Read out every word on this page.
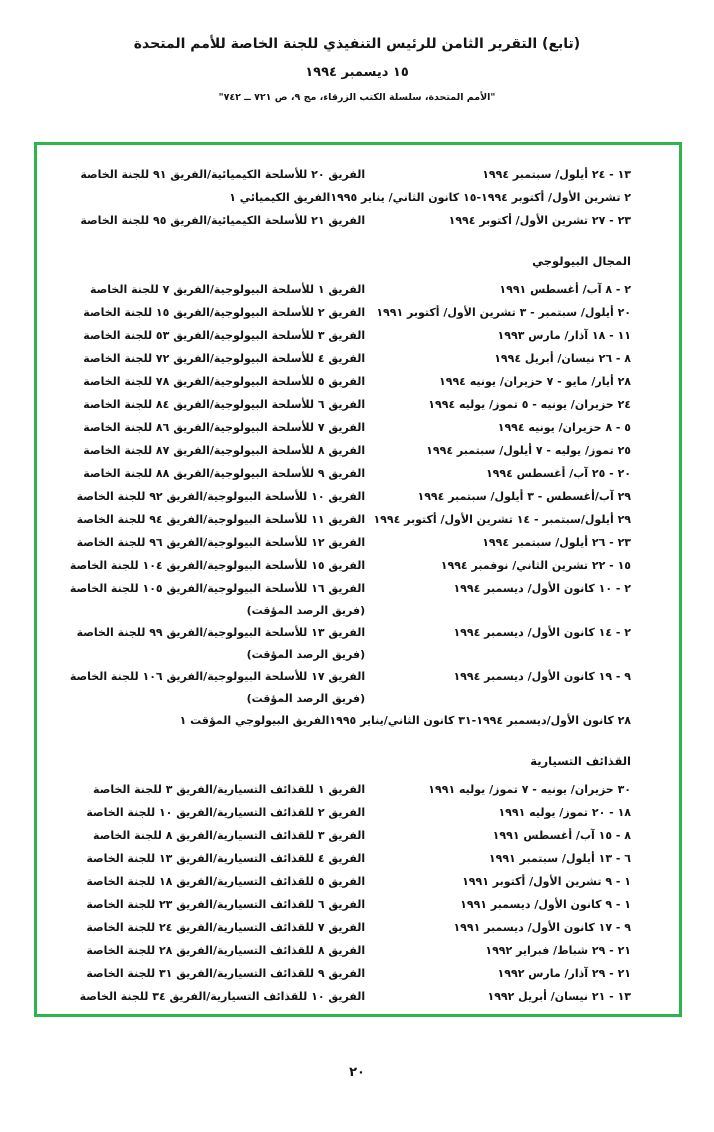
(تابع) التقرير الثامن للرئيس التنفيذي للجنة الخاصة للأمم المتحدة
١٥ ديسمبر ١٩٩٤
"الأمم المتحدة، سلسلة الكتب الزرقاء، مج ٩، ص ٧٢١ ــ ٧٤٢"
١٣ - ٢٤ أيلول/ سبتمبر ١٩٩٤
الفريق ٢٠ للأسلحة الكيميائية/الفريق ٩١ للجنة الخاصة
٢ تشرين الأول/ أكتوبر ١٩٩٤-١٥ كانون الثاني/ يناير ١٩٩٥
الفريق الكيميائي ١
٢٣ - ٢٧ تشرين الأول/ أكتوبر ١٩٩٤
الفريق ٢١ للأسلحة الكيميائية/الفريق ٩٥ للجنة الخاصة
المجال البيولوجي
٢ - ٨ آب/ أغسطس ١٩٩١
الفريق ١ للأسلحة البيولوجية/الفريق ٧ للجنة الخاصة
٢٠ أيلول/ سبتمبر - ٣ تشرين الأول/ أكتوبر ١٩٩١
الفريق ٢ للأسلحة البيولوجية/الفريق ١٥ للجنة الخاصة
١١ - ١٨ آذار/ مارس ١٩٩٣
الفريق ٣ للأسلحة البيولوجية/الفريق ٥٣ للجنة الخاصة
٨ - ٢٦ نيسان/ أبريل ١٩٩٤
الفريق ٤ للأسلحة البيولوجية/الفريق ٧٢ للجنة الخاصة
٢٨ أيار/ مايو - ٧ حزيران/ يونيه ١٩٩٤
الفريق ٥ للأسلحة البيولوجية/الفريق ٧٨ للجنة الخاصة
٢٤ حزيران/ يونيه - ٥ تموز/ يوليه ١٩٩٤
الفريق ٦ للأسلحة البيولوجية/الفريق ٨٤ للجنة الخاصة
٥ - ٨ حزيران/ يونيه ١٩٩٤
الفريق ٧ للأسلحة البيولوجية/الفريق ٨٦ للجنة الخاصة
٢٥ تموز/ يوليه - ٧ أيلول/ سبتمبر ١٩٩٤
الفريق ٨ للأسلحة البيولوجية/الفريق ٨٧ للجنة الخاصة
٢٠ - ٢٥ آب/ أغسطس ١٩٩٤
الفريق ٩ للأسلحة البيولوجية/الفريق ٨٨ للجنة الخاصة
٢٩ آب/أغسطس - ٣ أيلول/ سبتمبر ١٩٩٤
الفريق ١٠ للأسلحة البيولوجية/الفريق ٩٢ للجنة الخاصة
٢٩ أيلول/سبتمبر - ١٤ تشرين الأول/ أكتوبر ١٩٩٤
الفريق ١١ للأسلحة البيولوجية/الفريق ٩٤ للجنة الخاصة
٢٣ - ٢٦ أيلول/ سبتمبر ١٩٩٤
الفريق ١٢ للأسلحة البيولوجية/الفريق ٩٦ للجنة الخاصة
١٥ - ٢٢ تشرين الثاني/ نوفمبر ١٩٩٤
الفريق ١٥ للأسلحة البيولوجية/الفريق ١٠٤ للجنة الخاصة
٢ - ١٠ كانون الأول/ ديسمبر ١٩٩٤
الفريق ١٦ للأسلحة البيولوجية/الفريق ١٠٥ للجنة الخاصة
(فريق الرصد المؤقت)
٢ - ١٤ كانون الأول/ ديسمبر ١٩٩٤
الفريق ١٣ للأسلحة البيولوجية/الفريق ٩٩ للجنة الخاصة
(فريق الرصد المؤقت)
٩ - ١٩ كانون الأول/ ديسمبر ١٩٩٤
الفريق ١٧ للأسلحة البيولوجية/الفريق ١٠٦ للجنة الخاصة
(فريق الرصد المؤقت)
٢٨ كانون الأول/ديسمبر ١٩٩٤-٣١ كانون الثاني/يناير ١٩٩٥
الفريق البيولوجي المؤقت ١
القذائف التسيارية
٣٠ حزيران/ يونيه - ٧ تموز/ يوليه ١٩٩١
الفريق ١ للقذائف التسيارية/الفريق ٣ للجنة الخاصة
١٨ - ٢٠ تموز/ يوليه ١٩٩١
الفريق ٢ للقذائف التسيارية/الفريق ١٠ للجنة الخاصة
٨ - ١٥ آب/ أغسطس ١٩٩١
الفريق ٣ للقذائف التسيارية/الفريق ٨ للجنة الخاصة
٦ - ١٣ أيلول/ سبتمبر ١٩٩١
الفريق ٤ للقذائف التسيارية/الفريق ١٣ للجنة الخاصة
١ - ٩ تشرين الأول/ أكتوبر ١٩٩١
الفريق ٥ للقذائف التسيارية/الفريق ١٨ للجنة الخاصة
١ - ٩ كانون الأول/ ديسمبر ١٩٩١
الفريق ٦ للقذائف التسيارية/الفريق ٢٣ للجنة الخاصة
٩ - ١٧ كانون الأول/ ديسمبر ١٩٩١
الفريق ٧ للقذائف التسيارية/الفريق ٢٤ للجنة الخاصة
٢١ - ٢٩ شباط/ فبراير ١٩٩٢
الفريق ٨ للقذائف التسيارية/الفريق ٢٨ للجنة الخاصة
٢١ - ٢٩ آذار/ مارس ١٩٩٢
الفريق ٩ للقذائف التسيارية/الفريق ٣١ للجنة الخاصة
١٣ - ٢١ نيسان/ أبريل ١٩٩٢
الفريق ١٠ للقذائف التسيارية/الفريق ٣٤ للجنة الخاصة
٢٠
